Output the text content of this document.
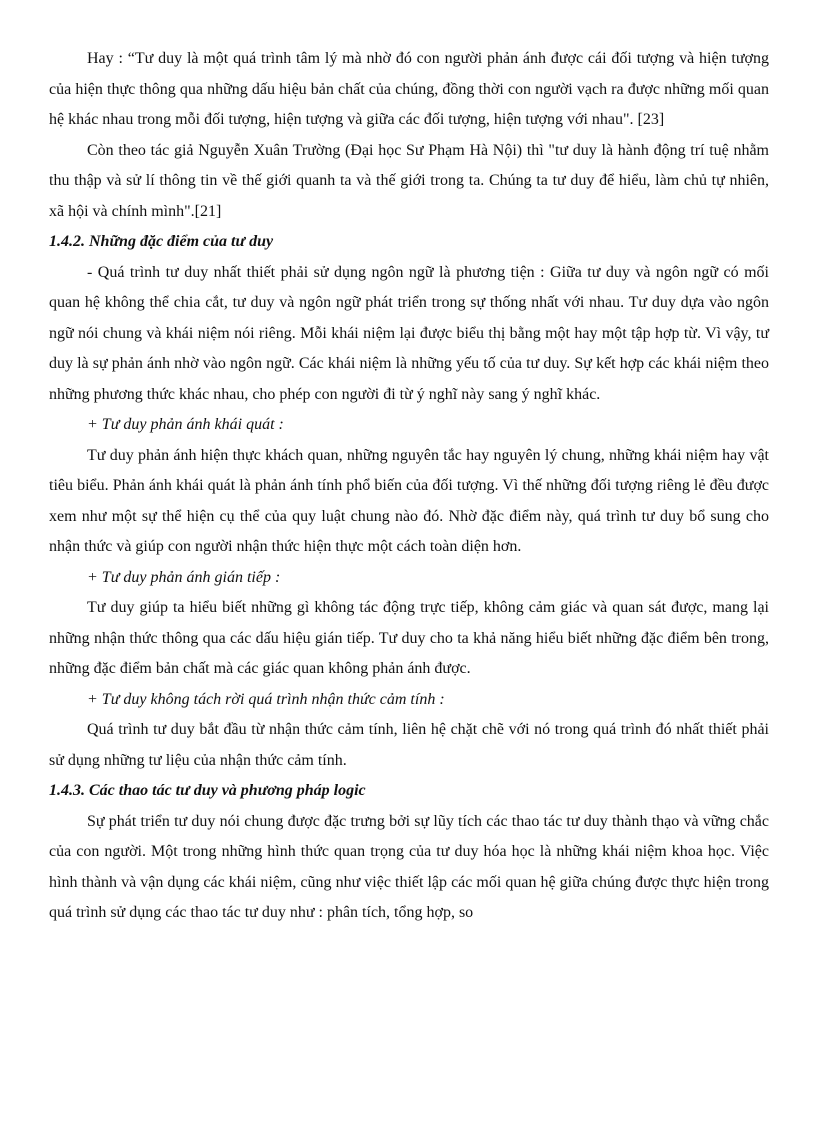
Hay : “Tư duy là một quá trình tâm lý mà nhờ đó con người phản ánh được cái đối tượng và hiện tượng của hiện thực thông qua những dấu hiệu bản chất của chúng, đồng thời con người vạch ra được những mối quan hệ khác nhau trong mỗi đối tượng, hiện tượng và giữa các đối tượng, hiện tượng với nhau". [23]

Còn theo tác giả Nguyễn Xuân Trường (Đại học Sư Phạm Hà Nội) thì "tư duy là hành động trí tuệ nhằm thu thập và sử lí thông tin về thế giới quanh ta và thế giới trong ta. Chúng ta tư duy để hiểu, làm chủ tự nhiên, xã hội và chính mình".[21]

1.4.2. Những đặc điểm của tư duy

- Quá trình tư duy nhất thiết phải sử dụng ngôn ngữ là phương tiện : Giữa tư duy và ngôn ngữ có mối quan hệ không thể chia cắt, tư duy và ngôn ngữ phát triển trong sự thống nhất với nhau. Tư duy dựa vào ngôn ngữ nói chung và khái niệm nói riêng. Mỗi khái niệm lại được biểu thị bằng một hay một tập hợp từ. Vì vậy, tư duy là sự phản ánh nhờ vào ngôn ngữ. Các khái niệm là những yếu tố của tư duy. Sự kết hợp các khái niệm theo những phương thức khác nhau, cho phép con người đi từ ý nghĩ này sang ý nghĩ khác.

+ Tư duy phản ánh khái quát :

Tư duy phản ánh hiện thực khách quan, những nguyên tắc hay nguyên lý chung, những khái niệm hay vật tiêu biểu. Phản ánh khái quát là phản ánh tính phổ biến của đối tượng. Vì thế những đối tượng riêng lẻ đều được xem như một sự thể hiện cụ thể của quy luật chung nào đó. Nhờ đặc điểm này, quá trình tư duy bổ sung cho nhận thức và giúp con người nhận thức hiện thực một cách toàn diện hơn.

+ Tư duy phản ánh gián tiếp :

Tư duy giúp ta hiểu biết những gì không tác động trực tiếp, không cảm giác và quan sát được, mang lại những nhận thức thông qua các dấu hiệu gián tiếp. Tư duy cho ta khả năng hiểu biết những đặc điểm bên trong, những đặc điểm bản chất mà các giác quan không phản ánh được.

+ Tư duy không tách rời quá trình nhận thức cảm tính :

Quá trình tư duy bắt đầu từ nhận thức cảm tính, liên hệ chặt chẽ với nó trong quá trình đó nhất thiết phải sử dụng những tư liệu của nhận thức cảm tính.

1.4.3. Các thao tác tư duy và phương pháp logic

Sự phát triển tư duy nói chung được đặc trưng bởi sự lũy tích các thao tác tư duy thành thạo và vững chắc của con người. Một trong những hình thức quan trọng của tư duy hóa học là những khái niệm khoa học. Việc hình thành và vận dụng các khái niệm, cũng như việc thiết lập các mối quan hệ giữa chúng được thực hiện trong quá trình sử dụng các thao tác tư duy như : phân tích, tổng hợp, so
